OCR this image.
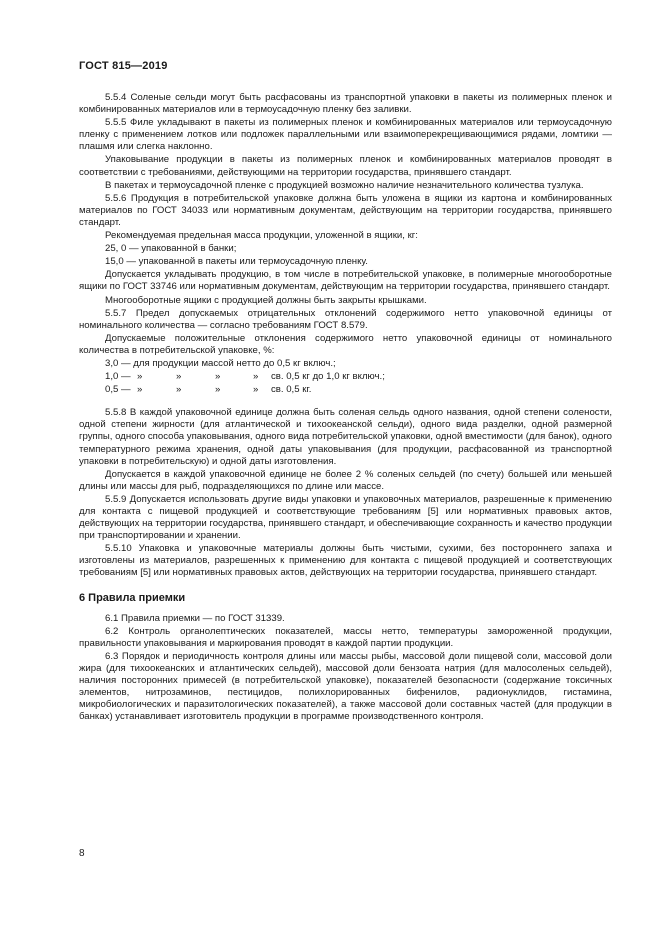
ГОСТ 815—2019

5.5.4 Соленые сельди могут быть расфасованы из транспортной упаковки в пакеты из полимерных пленок и комбинированных материалов или в термоусадочную пленку без заливки.

5.5.5 Филе укладывают в пакеты из полимерных пленок и комбинированных материалов или термоусадочную пленку с применением лотков или подложек параллельными или взаимоперекрещивающимися рядами, ломтики — плашмя или слегка наклонно.

Упаковывание продукции в пакеты из полимерных пленок и комбинированных материалов проводят в соответствии с требованиями, действующими на территории государства, принявшего стандарт.

В пакетах и термоусадочной пленке с продукцией возможно наличие незначительного количества тузлука.

5.5.6 Продукция в потребительской упаковке должна быть уложена в ящики из картона и комбинированных материалов по ГОСТ 34033 или нормативным документам, действующим на территории государства, принявшего стандарт.

Рекомендуемая предельная масса продукции, уложенной в ящики, кг:

25, 0 — упакованной в банки;

15,0 — упакованной в пакеты или термоусадочную пленку.

Допускается укладывать продукцию, в том числе в потребительской упаковке, в полимерные многооборотные ящики по ГОСТ 33746 или нормативным документам, действующим на территории государства, принявшего стандарт.

Многооборотные ящики с продукцией должны быть закрыты крышками.

5.5.7 Предел допускаемых отрицательных отклонений содержимого нетто упаковочной единицы от номинального количества — согласно требованиям ГОСТ 8.579.

Допускаемые положительные отклонения содержимого нетто упаковочной единицы от номинального количества в потребительской упаковке, %:

3,0 — для продукции массой нетто до 0,5 кг включ.;
1,0 — »	»	»	»	св. 0,5 кг до 1,0 кг включ.;
0,5 — »	»	»	»	св. 0,5 кг.

5.5.8 В каждой упаковочной единице должна быть соленая сельдь одного названия, одной степени солености, одной степени жирности (для атлантической и тихоокеанской сельди), одного вида разделки, одной размерной группы, одного способа упаковывания, одного вида потребительской упаковки, одной вместимости (для банок), одного температурного режима хранения, одной даты упаковывания (для продукции, расфасованной из транспортной упаковки в потребительскую) и одной даты изготовления.

Допускается в каждой упаковочной единице не более 2 % соленых сельдей (по счету) большей или меньшей длины или массы для рыб, подразделяющихся по длине или массе.

5.5.9 Допускается использовать другие виды упаковки и упаковочных материалов, разрешенные к применению для контакта с пищевой продукцией и соответствующие требованиям [5] или нормативных правовых актов, действующих на территории государства, принявшего стандарт, и обеспечивающие сохранность и качество продукции при транспортировании и хранении.

5.5.10 Упаковка и упаковочные материалы должны быть чистыми, сухими, без постороннего запаха и изготовлены из материалов, разрешенных к применению для контакта с пищевой продукцией и соответствующих требованиям [5] или нормативных правовых актов, действующих на территории государства, принявшего стандарт.

6 Правила приемки

6.1 Правила приемки — по ГОСТ 31339.

6.2 Контроль органолептических показателей, массы нетто, температуры замороженной продукции, правильности упаковывания и маркирования проводят в каждой партии продукции.

6.3 Порядок и периодичность контроля длины или массы рыбы, массовой доли пищевой соли, массовой доли жира (для тихоокеанских и атлантических сельдей), массовой доли бензоата натрия (для малосоленых сельдей), наличия посторонних примесей (в потребительской упаковке), показателей безопасности (содержание токсичных элементов, нитрозаминов, пестицидов, полихлорированных бифенилов, радионуклидов, гистамина, микробиологических и паразитологических показателей), а также массовой доли составных частей (для продукции в банках) устанавливает изготовитель продукции в программе производственного контроля.

8
